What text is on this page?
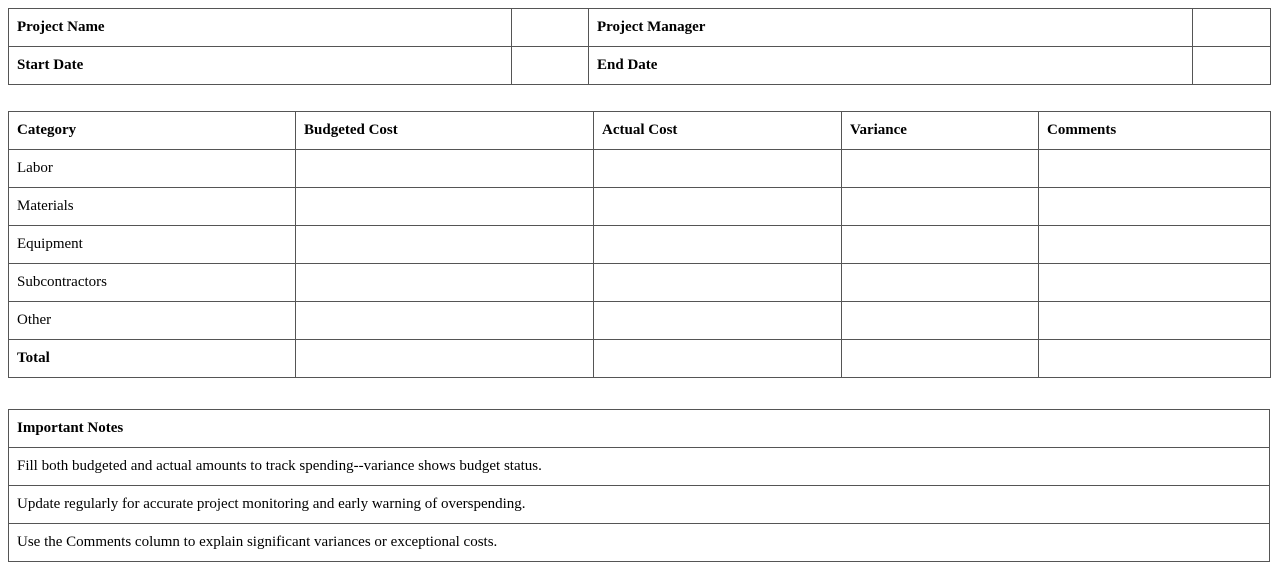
Project Name		Project Manager	
Start Date		End Date	
Category	Budgeted Cost	Actual Cost	Variance	Comments
Labor				
Materials				
Equipment				
Subcontractors				
Other				
Total				
Important Notes
Fill both budgeted and actual amounts to track spending--variance shows budget status.
Update regularly for accurate project monitoring and early warning of overspending.
Use the Comments column to explain significant variances or exceptional costs.
